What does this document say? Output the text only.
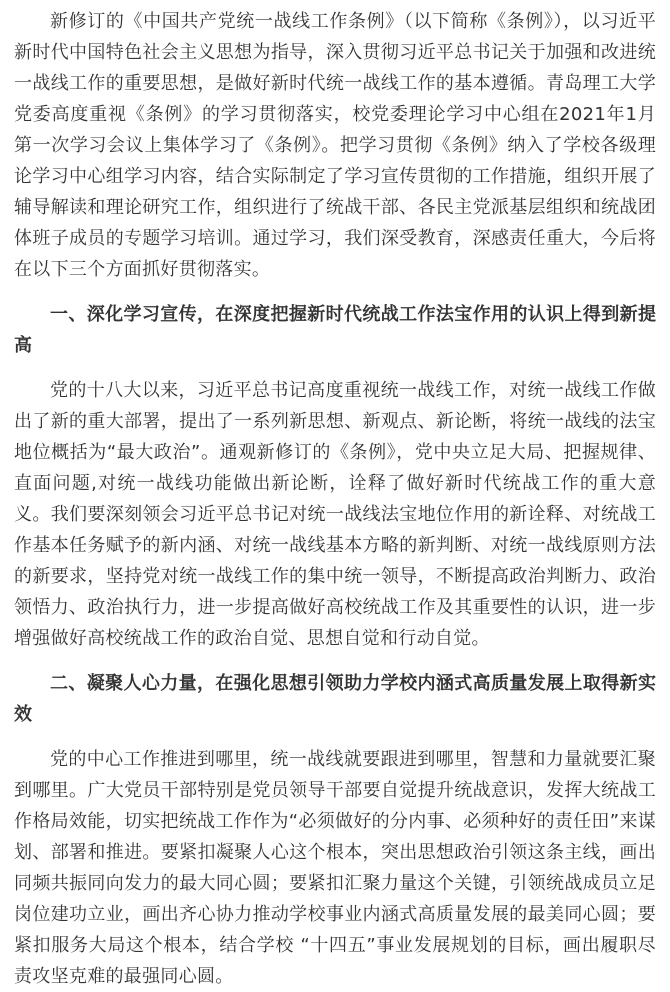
新修订的《中国共产党统一战线工作条例》（以下简称《条例》），以习近平新时代中国特色社会主义思想为指导，深入贯彻习近平总书记关于加强和改进统一战线工作的重要思想，是做好新时代统一战线工作的基本遵循。青岛理工大学党委高度重视《条例》的学习贯彻落实，校党委理论学习中心组在2021年1月第一次学习会议上集体学习了《条例》。把学习贯彻《条例》纳入了学校各级理论学习中心组学习内容，结合实际制定了学习宣传贯彻的工作措施，组织开展了辅导解读和理论研究工作，组织进行了统战干部、各民主党派基层组织和统战团体班子成员的专题学习培训。通过学习，我们深受教育，深感责任重大，今后将在以下三个方面抓好贯彻落实。

一、深化学习宣传，在深度把握新时代统战工作法宝作用的认识上得到新提高

党的十八大以来，习近平总书记高度重视统一战线工作，对统一战线工作做出了新的重大部署，提出了一系列新思想、新观点、新论断，将统一战线的法宝地位概括为“最大政治”。通观新修订的《条例》，党中央立足大局、把握规律、直面问题,对统一战线功能做出新论断，诠释了做好新时代统战工作的重大意义。我们要深刻领会习近平总书记对统一战线法宝地位作用的新诠释、对统战工作基本任务赋予的新内涵、对统一战线基本方略的新判断、对统一战线原则方法的新要求，坚持党对统一战线工作的集中统一领导，不断提高政治判断力、政治领悟力、政治执行力，进一步提高做好高校统战工作及其重要性的认识，进一步增强做好高校统战工作的政治自觉、思想自觉和行动自觉。

二、凝聚人心力量，在强化思想引领助力学校内涵式高质量发展上取得新实效

党的中心工作推进到哪里，统一战线就要跟进到哪里，智慧和力量就要汇聚到哪里。广大党员干部特别是党员领导干部要自觉提升统战意识，发挥大统战工作格局效能，切实把统战工作作为“必须做好的分内事、必须种好的责任田”来谋划、部署和推进。要紧扣凝聚人心这个根本，突出思想政治引领这条主线，画出同频共振同向发力的最大同心圆；要紧扣汇聚力量这个关键，引领统战成员立足岗位建功立业，画出齐心协力推动学校事业内涵式高质量发展的最美同心圆；要紧扣服务大局这个根本，结合学校 “十四五”事业发展规划的目标，画出履职尽责攻坚克难的最强同心圆。
